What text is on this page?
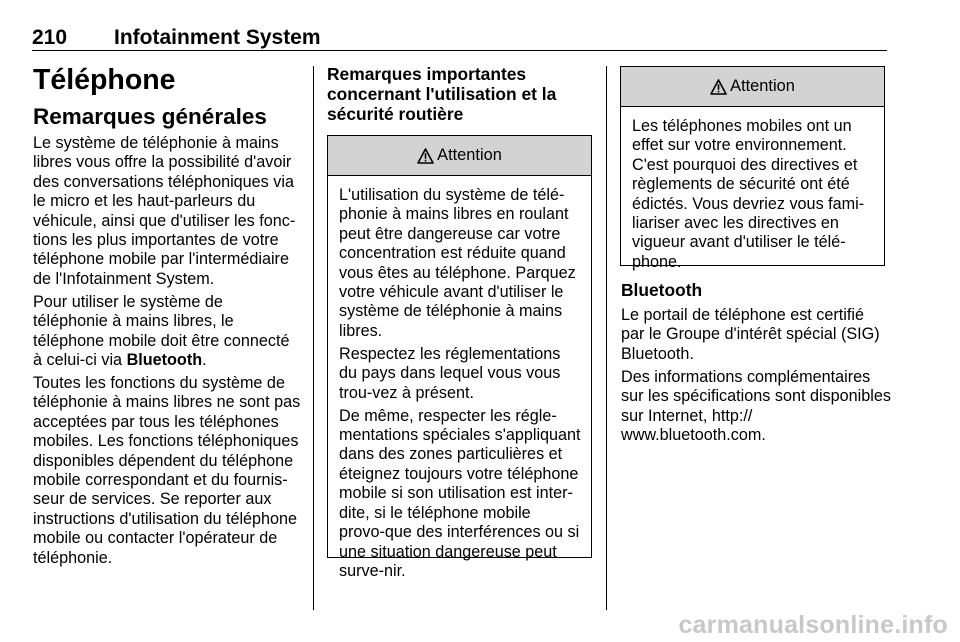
210 Infotainment System
Téléphone
Remarques générales

Le système de téléphonie à mains libres vous offre la possibilité d'avoir des conversations téléphoniques via le micro et les haut-parleurs du véhicule, ainsi que d'utiliser les fonc-tions les plus importantes de votre téléphone mobile par l'intermédiaire de l'Infotainment System.

Pour utiliser le système de téléphonie à mains libres, le téléphone mobile doit être connecté à celui-ci via Bluetooth.

Toutes les fonctions du système de téléphonie à mains libres ne sont pas acceptées par tous les téléphones mobiles. Les fonctions téléphoniques disponibles dépendent du téléphone mobile correspondant et du fournis-seur de services. Se reporter aux instructions d'utilisation du téléphone mobile ou contacter l'opérateur de téléphonie.

Remarques importantes concernant l'utilisation et la sécurité routière
Attention

L'utilisation du système de télé-phonie à mains libres en roulant peut être dangereuse car votre concentration est réduite quand vous êtes au téléphone. Parquez votre véhicule avant d'utiliser le système de téléphonie à mains libres.

Respectez les réglementations du pays dans lequel vous vous trou-vez à présent.

De même, respecter les régle-mentations spéciales s'appliquant dans des zones particulières et éteignez toujours votre téléphone mobile si son utilisation est inter-dite, si le téléphone mobile provo-que des interférences ou si une situation dangereuse peut surve-nir.

Attention

Les téléphones mobiles ont un effet sur votre environnement. C'est pourquoi des directives et règlements de sécurité ont été édictés. Vous devriez vous fami-liariser avec les directives en vigueur avant d'utiliser le télé-phone.

Bluetooth

Le portail de téléphone est certifié par le Groupe d'intérêt spécial (SIG) Bluetooth.

Des informations complémentaires sur les spécifications sont disponibles sur Internet, http:// www.bluetooth.com.

carmanualsonline.info
